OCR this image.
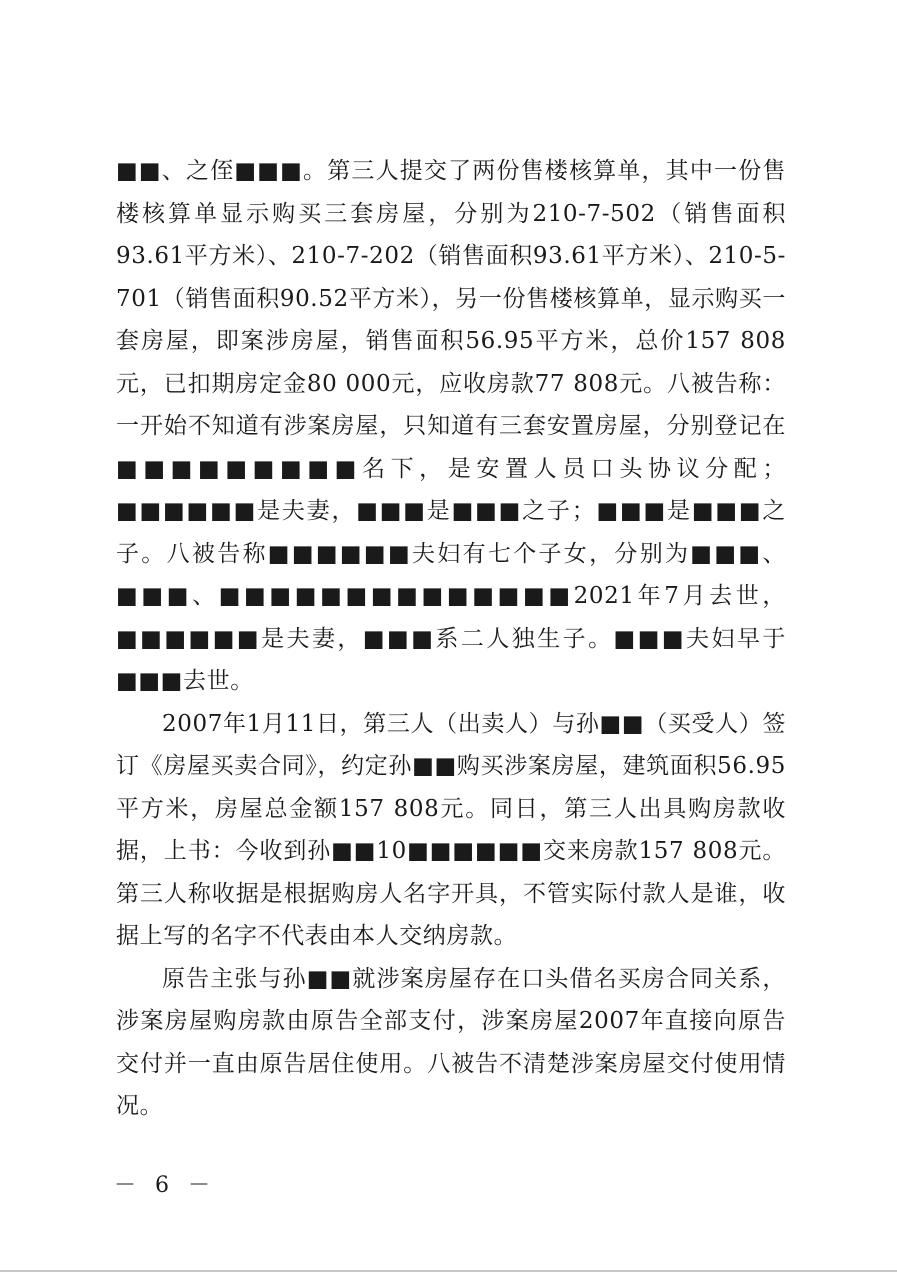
■■、之侄■■■。第三人提交了两份售楼核算单，其中一份售楼核算单显示购买三套房屋，分别为210-7-502（销售面积93.61平方米）、210-7-202（销售面积93.61平方米）、210-5-701（销售面积90.52平方米），另一份售楼核算单，显示购买一套房屋，即案涉房屋，销售面积56.95平方米，总价157 808元，已扣期房定金80 000元，应收房款77 808元。八被告称：一开始不知道有涉案房屋，只知道有三套安置房屋，分别登记在■■■■■■■■■名下，是安置人员口头协议分配；■■■■■■是夫妻，■■■是■■■之子；■■■是■■■之子。八被告称■■■■■■夫妇有七个子女，分别为■■■、■■■、■■■■■■■■■■■■■■2021年7月去世，■■■■■■是夫妻，■■■系二人独生子。■■■夫妇早于■■■去世。

2007年1月11日，第三人（出卖人）与孙■■（买受人）签订《房屋买卖合同》，约定孙■■购买涉案房屋，建筑面积56.95平方米，房屋总金额157 808元。同日，第三人出具购房款收据，上书：今收到孙■■10■■■■■■交来房款157 808元。第三人称收据是根据购房人名字开具，不管实际付款人是谁，收据上写的名字不代表由本人交纳房款。

原告主张与孙■■就涉案房屋存在口头借名买房合同关系，涉案房屋购房款由原告全部支付，涉案房屋2007年直接向原告交付并一直由原告居住使用。八被告不清楚涉案房屋交付使用情况。

－ 6 －
